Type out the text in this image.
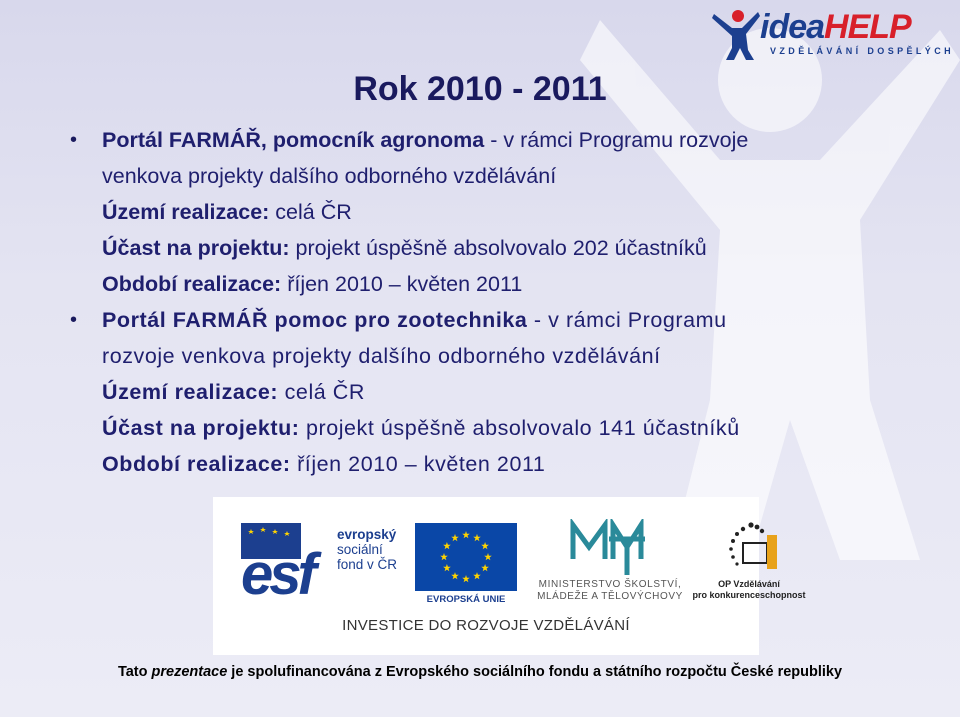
ideaHELP
VZDĚLÁVÁNÍ DOSPĚLÝCH
Rok 2010 - 2011
•	Portál FARMÁŘ, pomocník agronoma - v rámci Programu rozvoje
venkova projekty dalšího odborného vzdělávání
Území realizace: celá ČR
Účast na projektu: projekt úspěšně absolvovalo 202 účastníků
Období realizace: říjen 2010 – květen 2011
•	Portál FARMÁŘ pomoc pro zootechnika - v rámci Programu
rozvoje venkova projekty dalšího odborného vzdělávání
Území realizace: celá ČR
Účast na projektu: projekt úspěšně absolvovalo 141 účastníků
Období realizace: říjen 2010 – květen 2011
esf
evropský
sociální
fond v ČR
EVROPSKÁ UNIE
MINISTERSTVO ŠKOLSTVÍ,
MLÁDEŽE A TĚLOVÝCHOVY
OP Vzdělávání
pro konkurenceschopnost
INVESTICE DO ROZVOJE VZDĚLÁVÁNÍ
Tato prezentace je spolufinancována z Evropského sociálního fondu a státního rozpočtu České republiky
